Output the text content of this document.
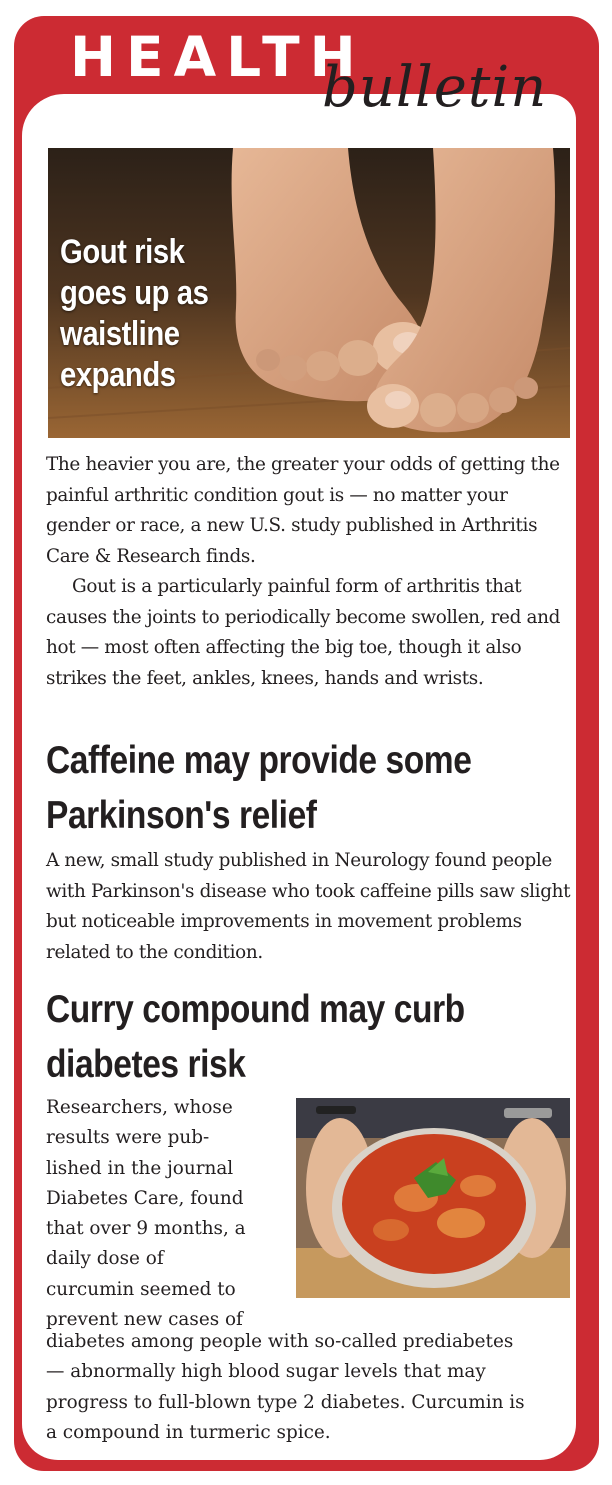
HEALTH
bulletin
Gout risk goes up as waistline expands

The heavier you are, the greater your odds of getting the painful arthritic condition gout is — no matter your gender or race, a new U.S. study published in Arthritis Care & Research finds.

Gout is a particularly painful form of arthritis that causes the joints to periodically become swollen, red and hot — most often affecting the big toe, though it also strikes the feet, ankles, knees, hands and wrists.

Caffeine may provide some
Parkinson's relief

A new, small study published in Neurology found people with Parkinson's disease who took caffeine pills saw slight but noticeable improvements in movement problems related to the condition.

Curry compound may curb
diabetes risk
Researchers, whose
results were pub-
lished in the journal
Diabetes Care, found
that over 9 months, a
daily dose of
curcumin seemed to
prevent new cases of
diabetes among people with so-called prediabetes
— abnormally high blood sugar levels that may
progress to full-blown type 2 diabetes. Curcumin is
a compound in turmeric spice.
